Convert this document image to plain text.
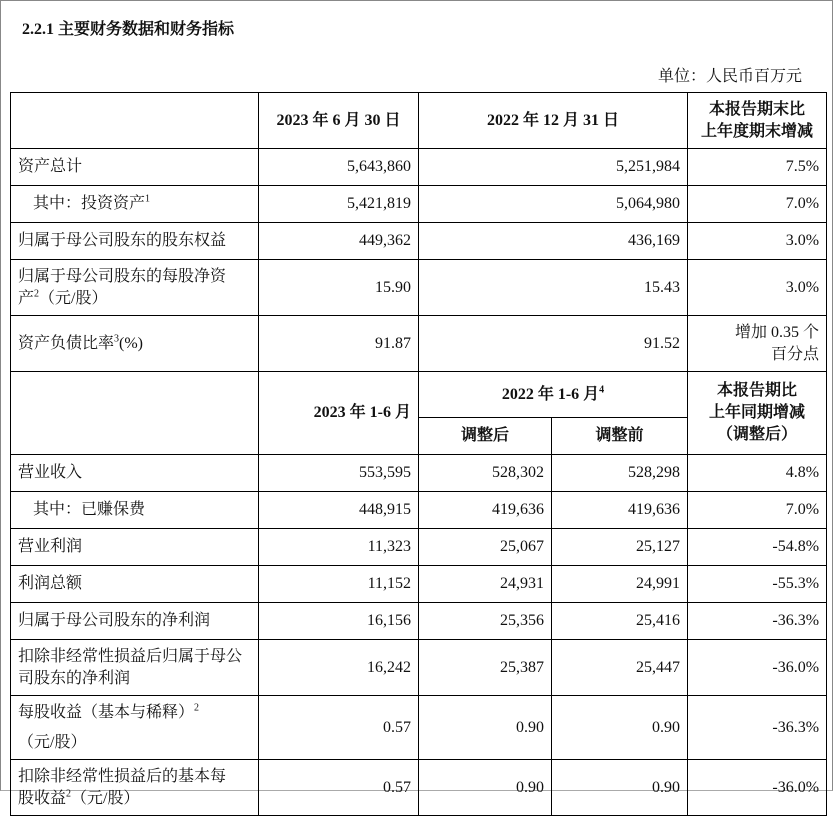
2.2.1 主要财务数据和财务指标
单位：人民币百万元
	2023 年 6 月 30 日	2022 年 12 月 31 日		本报告期末比
上年度期末增减

资产总计	5,643,860	5,251,984		7.5%
其中：投资资产$^1$	5,421,819	5,064,980		7.0%
归属于母公司股东的股东权益	449,362	436,169		3.0%

归属于母公司股东的每股净资
产$^2$（元/股）	15.90	15.43		3.0%
资产负债比率$^3$(%)	91.87	91.52		增加 0.35 个
百分点

	2023 年 1-6 月	2022 年 1-6 月$^4$		本报告期比
上年同期增减
（调整后）

		调整后	调整前	
营业收入	553,595	528,302	528,298	4.8%
其中：已赚保费	448,915	419,636	419,636	7.0%
营业利润	11,323	25,067	25,127	-54.8%
利润总额	11,152	24,931	24,991	-55.3%
归属于母公司股东的净利润	16,156	25,356	25,416	-36.3%

扣除非经常性损益后归属于母公
司股东的净利润	16,242	25,387	25,447	-36.0%

每股收益（基本与稀释）$^2$
（元/股）	0.57	0.90	0.90	-36.3%

扣除非经常性损益后的基本每
股收益$^2$（元/股）	0.57	0.90	0.90	-36.0%
